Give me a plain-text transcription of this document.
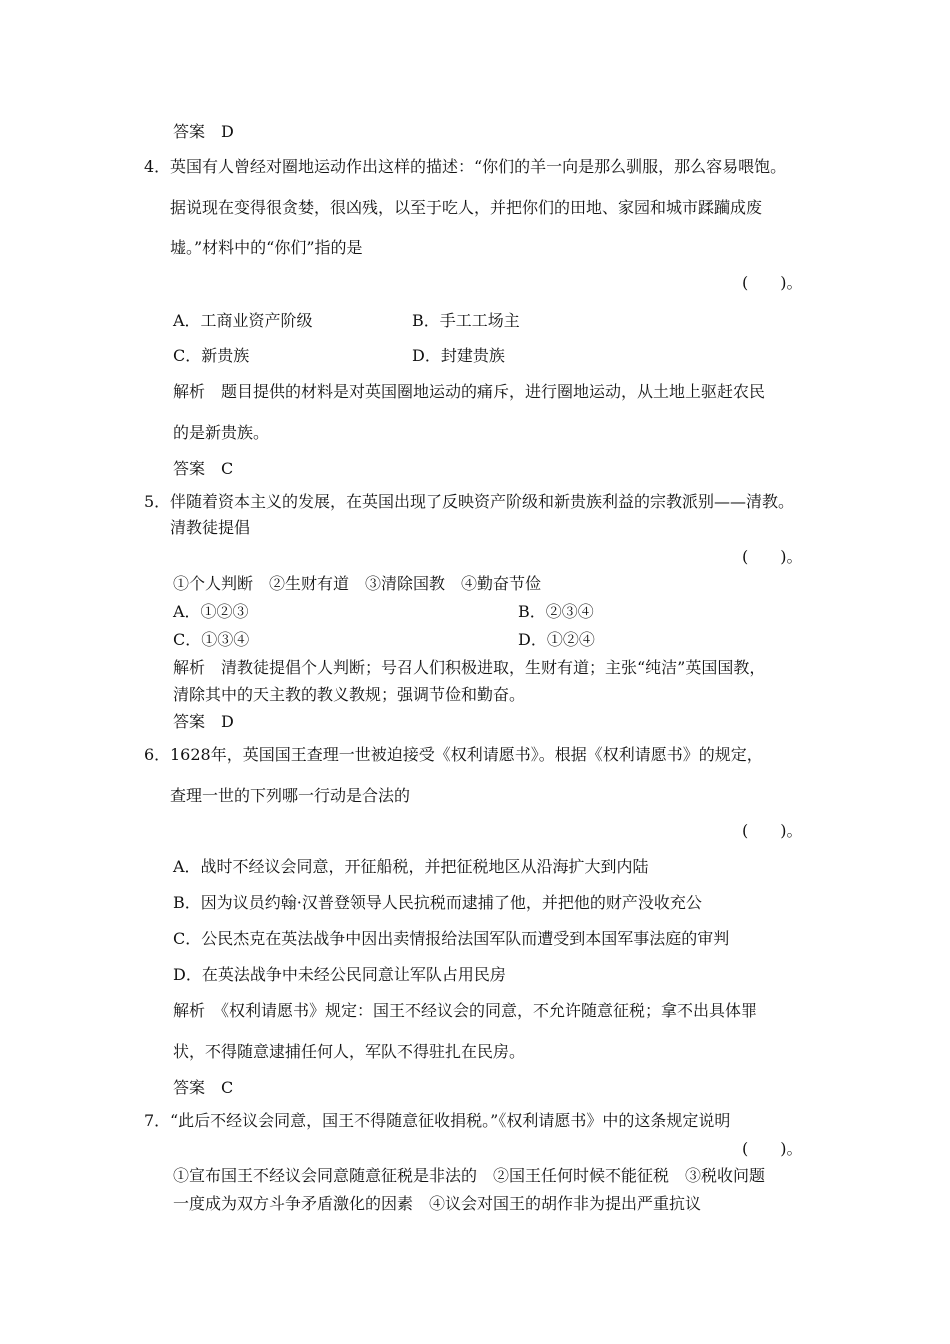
答案　D
4． 英国有人曾经对圈地运动作出这样的描述：“你们的羊一向是那么驯服，那么容易喂饱。
据说现在变得很贪婪，很凶残，以至于吃人，并把你们的田地、家园和城市蹂躏成废
墟。”材料中的“你们”指的是
(　　)。
A．工商业资产阶级	B．手工工场主
C．新贵族	D．封建贵族
解析　题目提供的材料是对英国圈地运动的痛斥，进行圈地运动，从土地上驱赶农民
的是新贵族。
答案　C
5． 伴随着资本主义的发展，在英国出现了反映资产阶级和新贵族利益的宗教派别——清教。
清教徒提倡
(　　)。
①个人判断　②生财有道　③清除国教　④勤奋节俭
A．①②③	B．②③④
C．①③④	D．①②④
解析　清教徒提倡个人判断；号召人们积极进取，生财有道；主张“纯洁”英国国教，
清除其中的天主教的教义教规；强调节俭和勤奋。
答案　D
6． 1628年，英国国王查理一世被迫接受《权利请愿书》。根据《权利请愿书》的规定，
查理一世的下列哪一行动是合法的
(　　)。
A．战时不经议会同意，开征船税，并把征税地区从沿海扩大到内陆
B．因为议员约翰·汉普登领导人民抗税而逮捕了他，并把他的财产没收充公
C．公民杰克在英法战争中因出卖情报给法国军队而遭受到本国军事法庭的审判
D．在英法战争中未经公民同意让军队占用民房
解析　《权利请愿书》规定：国王不经议会的同意，不允许随意征税；拿不出具体罪
状，不得随意逮捕任何人，军队不得驻扎在民房。
答案　C
7． “此后不经议会同意，国王不得随意征收捐税。”《权利请愿书》中的这条规定说明
(　　)。
①宣布国王不经议会同意随意征税是非法的　②国王任何时候不能征税　③税收问题
一度成为双方斗争矛盾激化的因素　④议会对国王的胡作非为提出严重抗议
